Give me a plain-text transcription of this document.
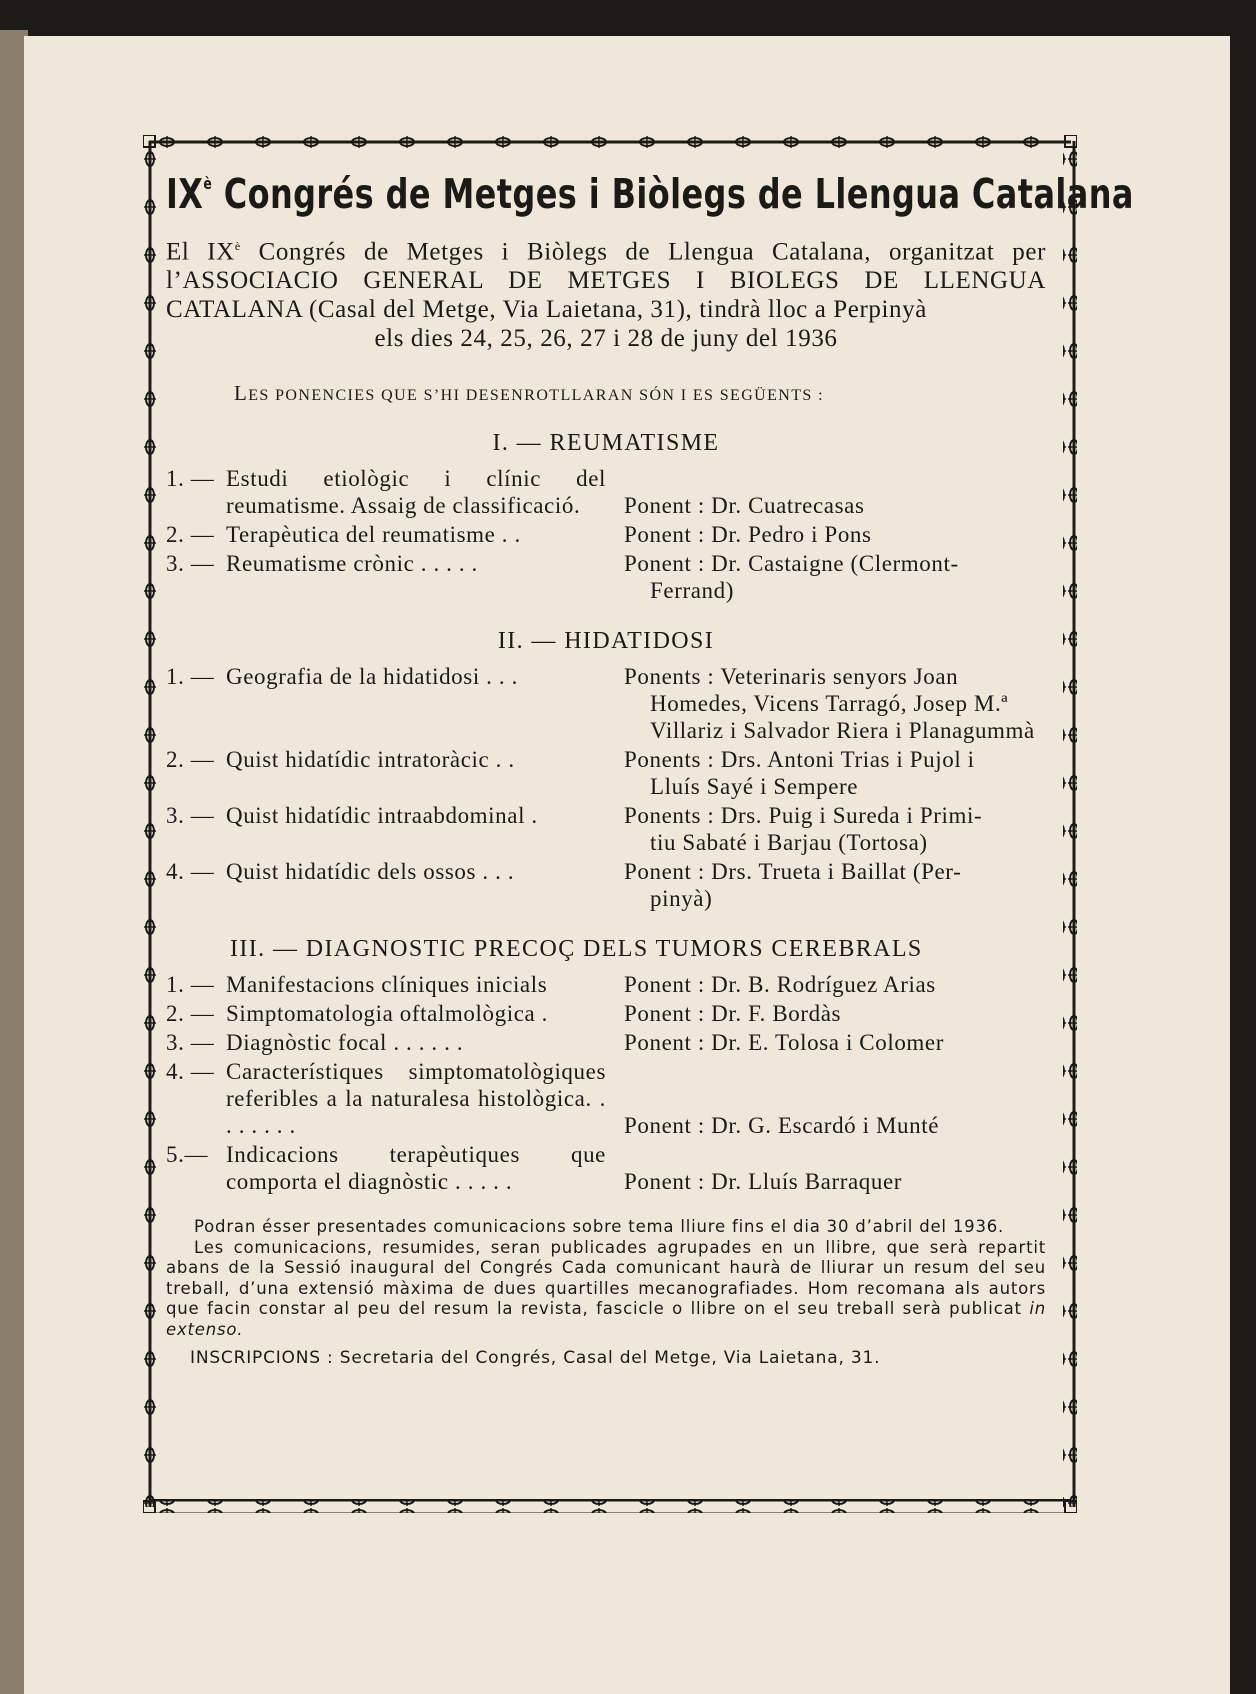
$IX^è$ Congrés de Metges i Biòlegs de Llengua Catalana
El $IX^è$ Congrés de Metges i Biòlegs de Llengua Catalana, organitzat per l’ASSOCIACIO GENERAL DE METGES I BIOLEGS DE LLENGUA CATALANA (Casal del Metge, Via Laietana, 31), tindrà lloc a Perpinyà
els dies 24, 25, 26, 27 i 28 de juny del 1936
LES PONENCIES QUE S’HI DESENROTLLARAN SÓN I ES SEGÜENTS :
I. — REUMATISME
1. — Estudi etiològic i clínic del reumatisme. Assaig de classificació.	Ponent : Dr. Cuatrecasas
2. — Terapèutica del reumatisme . .	Ponent : Dr. Pedro i Pons
3. — Reumatisme crònic . . . . .	Ponent : Dr. Castaigne (Clermont-
Ferrand)
II. — HIDATIDOSI
1. — Geografia de la hidatidosi . . .	Ponents : Veterinaris senyors Joan
Homedes, Vicens Tarragó, Josep M.ª Villariz i Salvador Riera i Planagummà
2. — Quist hidatídic intratoràcic . .	Ponents : Drs. Antoni Trias i Pujol i
Lluís Sayé i Sempere
3. — Quist hidatídic intraabdominal .	Ponents : Drs. Puig i Sureda i Primi-
tiu Sabaté i Barjau (Tortosa)
4. — Quist hidatídic dels ossos . . .	Ponent : Drs. Trueta i Baillat (Per-
pinyà)
III. — DIAGNOSTIC PRECOÇ DELS TUMORS CEREBRALS
1. — Manifestacions clíniques inicials	Ponent : Dr. B. Rodríguez Arias
2. — Simptomatologia oftalmològica .	Ponent : Dr. F. Bordàs
3. — Diagnòstic focal . . . . . .	Ponent : Dr. E. Tolosa i Colomer
4. — Característiques simptomatològiques referibles a la naturalesa histològica. . . . . . . .	Ponent : Dr. G. Escardó i Munté
5.— Indicacions terapèutiques que comporta el diagnòstic . . . . .	Ponent : Dr. Lluís Barraquer

Podran ésser presentades comunicacions sobre tema lliure fins el dia 30 d’abril del 1936.

Les comunicacions, resumides, seran publicades agrupades en un llibre, que serà repartit abans de la Sessió inaugural del Congrés Cada comunicant haurà de lliurar un resum del seu treball, d’una extensió màxima de dues quartilles mecanografiades. Hom recomana als autors que facin constar al peu del resum la revista, fascicle o llibre on el seu treball serà publicat in extenso.

INSCRIPCIONS : Secretaria del Congrés, Casal del Metge, Via Laietana, 31.
